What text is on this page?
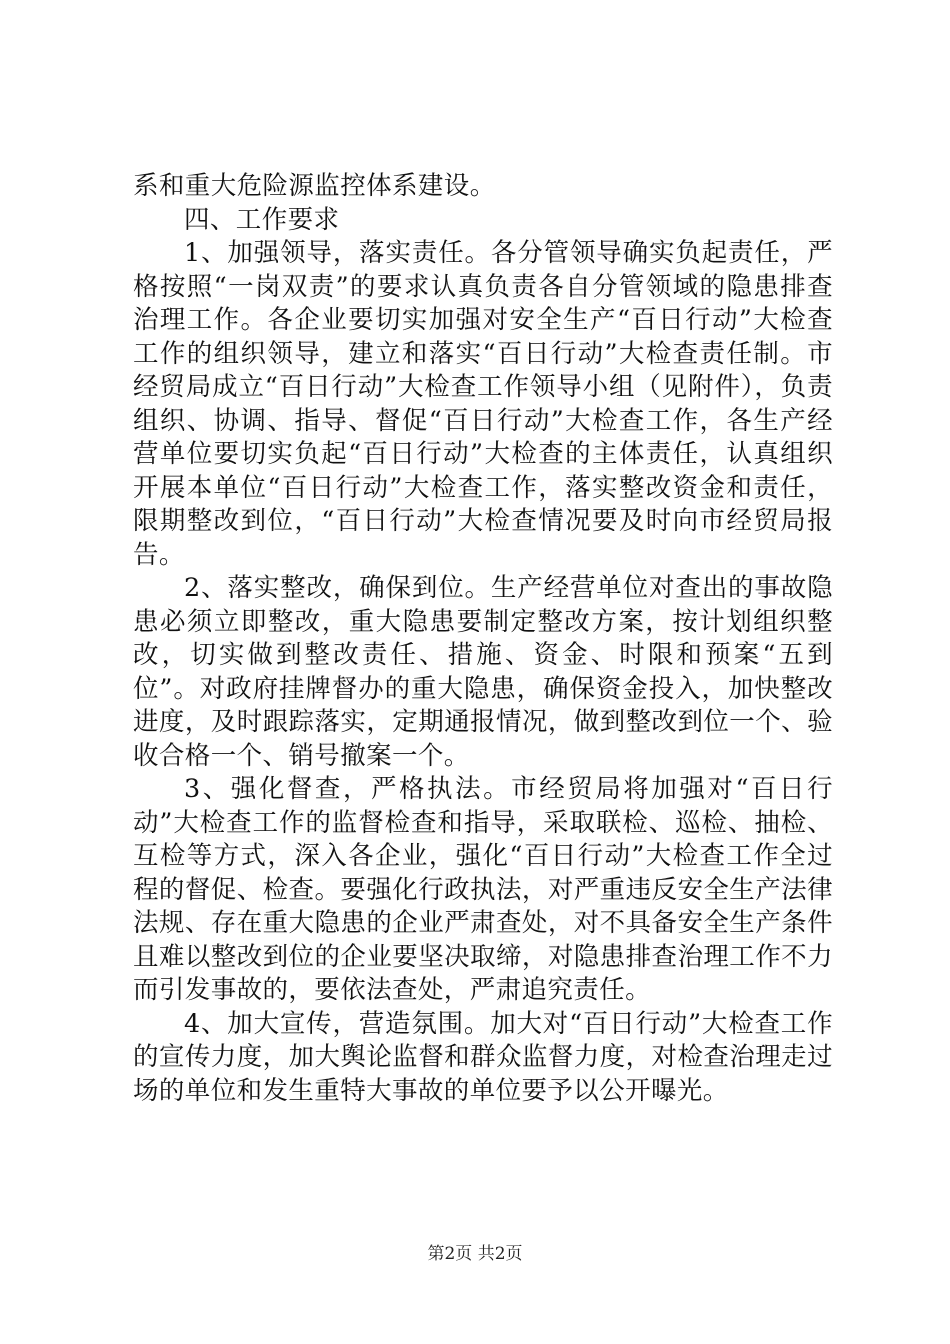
系和重大危险源监控体系建设。

四、工作要求

1、加强领导，落实责任。各分管领导确实负起责任，严格按照“一岗双责”的要求认真负责各自分管领域的隐患排查治理工作。各企业要切实加强对安全生产“百日行动”大检查工作的组织领导，建立和落实“百日行动”大检查责任制。市经贸局成立“百日行动”大检查工作领导小组（见附件），负责组织、协调、指导、督促“百日行动”大检查工作，各生产经营单位要切实负起“百日行动”大检查的主体责任，认真组织开展本单位“百日行动”大检查工作，落实整改资金和责任，限期整改到位，“百日行动”大检查情况要及时向市经贸局报告。

2、落实整改，确保到位。生产经营单位对查出的事故隐患必须立即整改，重大隐患要制定整改方案，按计划组织整改，切实做到整改责任、措施、资金、时限和预案“五到位”。对政府挂牌督办的重大隐患，确保资金投入，加快整改进度，及时跟踪落实，定期通报情况，做到整改到位一个、验收合格一个、销号撤案一个。

3、强化督查，严格执法。市经贸局将加强对“百日行动”大检查工作的监督检查和指导，采取联检、巡检、抽检、互检等方式，深入各企业，强化“百日行动”大检查工作全过程的督促、检查。要强化行政执法，对严重违反安全生产法律法规、存在重大隐患的企业严肃查处，对不具备安全生产条件且难以整改到位的企业要坚决取缔，对隐患排查治理工作不力而引发事故的，要依法查处，严肃追究责任。

4、加大宣传，营造氛围。加大对“百日行动”大检查工作的宣传力度，加大舆论监督和群众监督力度，对检查治理走过场的单位和发生重特大事故的单位要予以公开曝光。

第2页 共2页
